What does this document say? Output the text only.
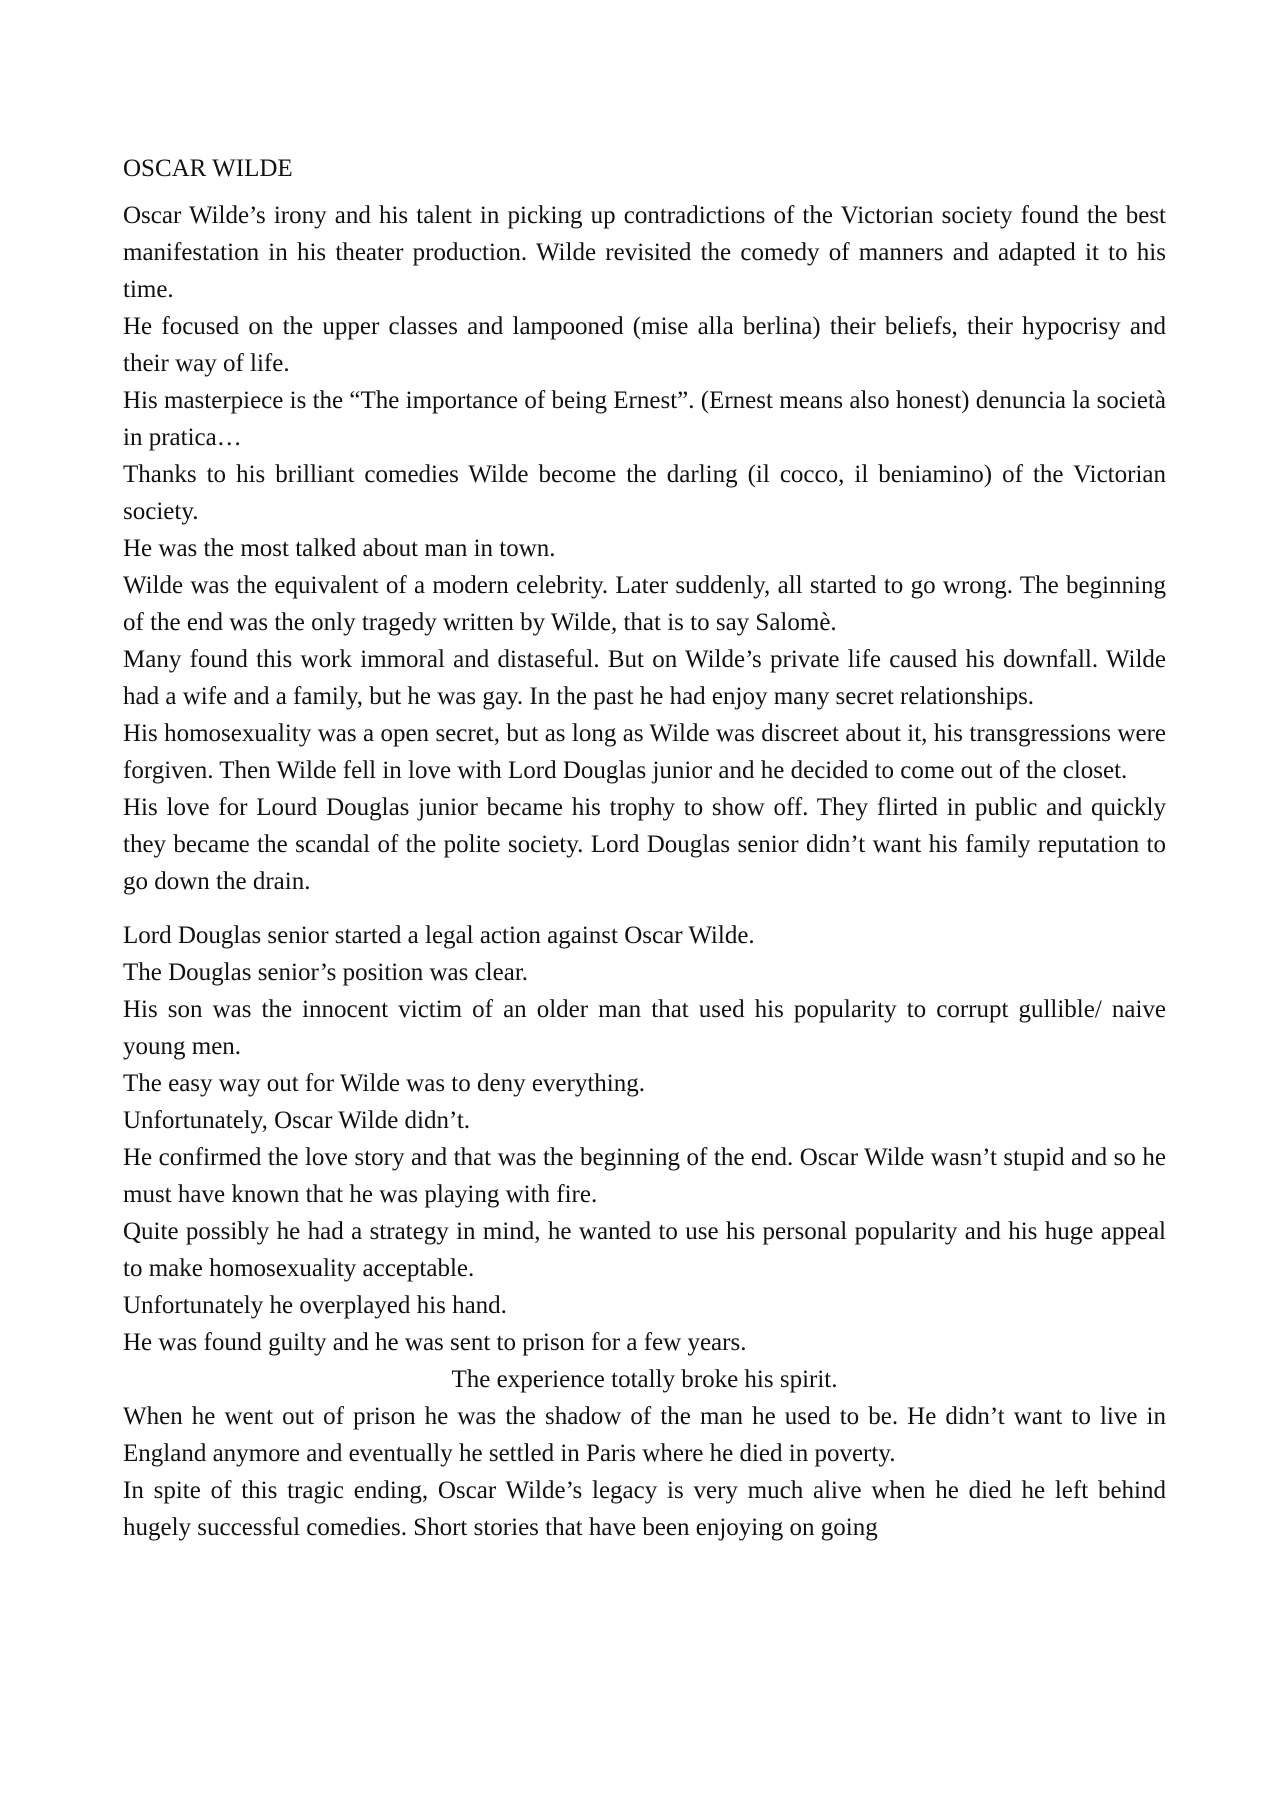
OSCAR WILDE

Oscar Wilde’s irony and his talent in picking up contradictions of the Victorian society found the best manifestation in his theater production. Wilde revisited the comedy of manners and adapted it to his time.

He focused on the upper classes and lampooned (mise alla berlina) their beliefs, their hypocrisy and their way of life.

His masterpiece is the “The importance of being Ernest”. (Ernest means also honest) denuncia la società in pratica…

Thanks to his brilliant comedies Wilde become the darling (il cocco, il beniamino) of the Victorian society.

He was the most talked about man in town.

Wilde was the equivalent of a modern celebrity. Later suddenly, all started to go wrong. The beginning of the end was the only tragedy written by Wilde, that is to say Salomè.

Many found this work immoral and distaseful. But on Wilde’s private life caused his downfall. Wilde had a wife and a family, but he was gay. In the past he had enjoy many secret relationships.

His homosexuality was a open secret, but as long as Wilde was discreet about it, his transgressions were forgiven. Then Wilde fell in love with Lord Douglas junior and he decided to come out of the closet.

His love for Lourd Douglas junior became his trophy to show off. They flirted in public and quickly they became the scandal of the polite society. Lord Douglas senior didn’t want his family reputation to go down the drain.

Lord Douglas senior started a legal action against Oscar Wilde.

The Douglas senior’s position was clear.

His son was the innocent victim of an older man that used his popularity to corrupt gullible/ naive young men.

The easy way out for Wilde was to deny everything.

Unfortunately, Oscar Wilde didn’t.

He confirmed the love story and that was the beginning of the end. Oscar Wilde wasn’t stupid and so he must have known that he was playing with fire.

Quite possibly he had a strategy in mind, he wanted to use his personal popularity and his huge appeal to make homosexuality acceptable.

Unfortunately he overplayed his hand.

He was found guilty and he was sent to prison for a few years.

The experience totally broke his spirit.

When he went out of prison he was the shadow of the man he used to be. He didn’t want to live in England anymore and eventually he settled in Paris where he died in poverty.

In spite of this tragic ending, Oscar Wilde’s legacy is very much alive when he died he left behind hugely successful comedies. Short stories that have been enjoying on going
